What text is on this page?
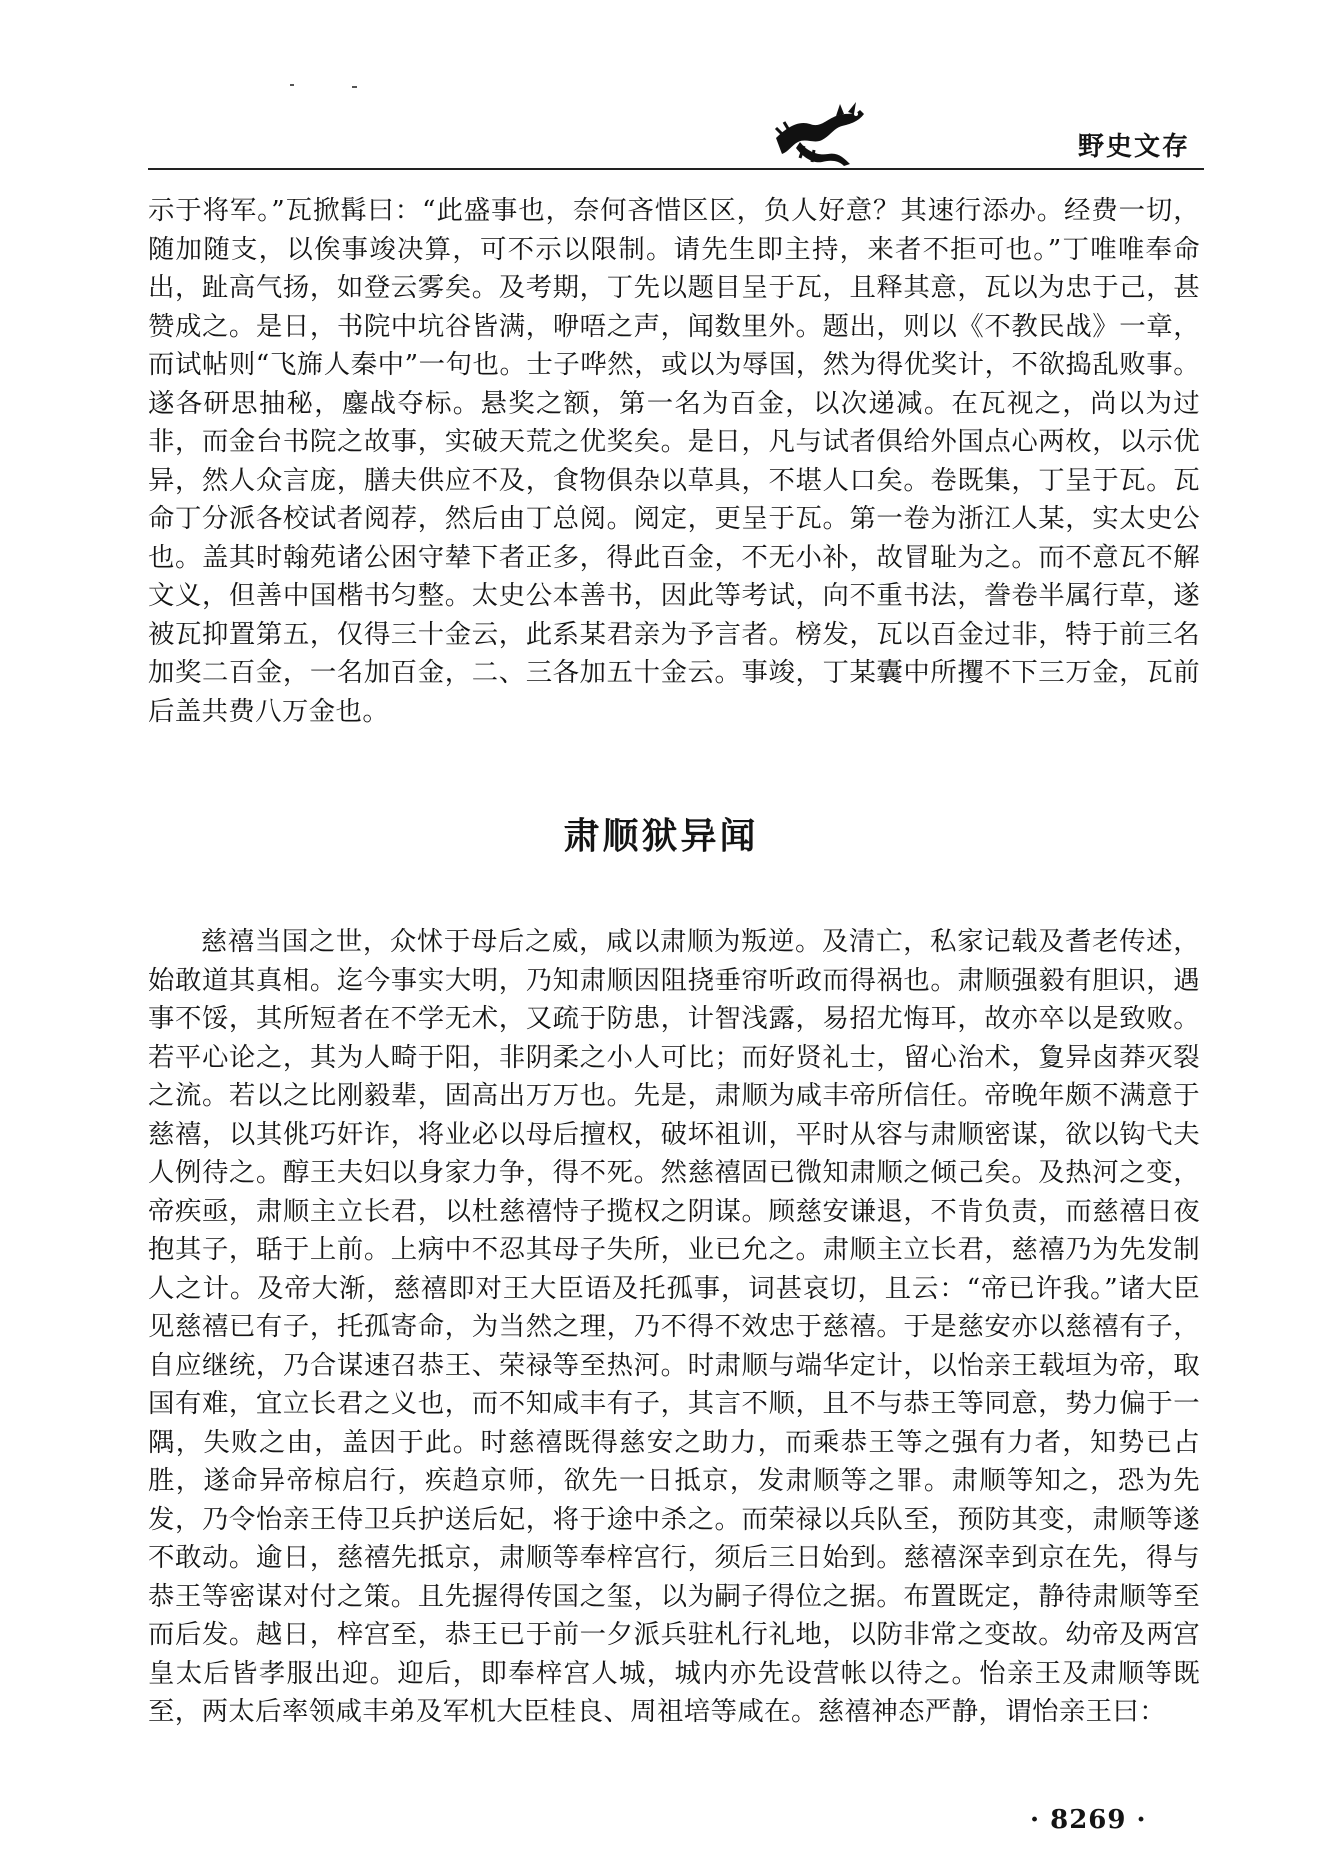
野史文存

示于将军。”瓦掀髯曰：“此盛事也，奈何吝惜区区，负人好意？其速行添办。经费一切，随加随支，以俟事竣决算，可不示以限制。请先生即主持，来者不拒可也。”丁唯唯奉命出，趾高气扬，如登云雾矣。及考期，丁先以题目呈于瓦，且释其意，瓦以为忠于己，甚赞成之。是日，书院中坑谷皆满，咿唔之声，闻数里外。题出，则以《不教民战》一章，而试帖则“飞旆人秦中”一句也。士子哗然，或以为辱国，然为得优奖计，不欲捣乱败事。遂各研思抽秘，鏖战夺标。悬奖之额，第一名为百金，以次递减。在瓦视之，尚以为过非，而金台书院之故事，实破天荒之优奖矣。是日，凡与试者俱给外国点心两枚，以示优异，然人众言庞，膳夫供应不及，食物俱杂以草具，不堪人口矣。卷既集，丁呈于瓦。瓦命丁分派各校试者阅荐，然后由丁总阅。阅定，更呈于瓦。第一卷为浙江人某，实太史公也。盖其时翰苑诸公困守辇下者正多，得此百金，不无小补，故冒耻为之。而不意瓦不解文义，但善中国楷书匀整。太史公本善书，因此等考试，向不重书法，誊卷半属行草，遂被瓦抑置第五，仅得三十金云，此系某君亲为予言者。榜发，瓦以百金过非，特于前三名加奖二百金，一名加百金，二、三各加五十金云。事竣，丁某囊中所攫不下三万金，瓦前后盖共费八万金也。

肃顺狱异闻

慈禧当国之世，众怵于母后之威，咸以肃顺为叛逆。及清亡，私家记载及耆老传述，始敢道其真相。迄今事实大明，乃知肃顺因阻挠垂帘听政而得祸也。肃顺强毅有胆识，遇事不馁，其所短者在不学无术，又疏于防患，计智浅露，易招尤悔耳，故亦卒以是致败。若平心论之，其为人畸于阳，非阴柔之小人可比；而好贤礼士，留心治术，夐异卤莽灭裂之流。若以之比刚毅辈，固高出万万也。先是，肃顺为咸丰帝所信任。帝晚年颇不满意于慈禧，以其佻巧奸诈，将业必以母后擅权，破坏祖训，平时从容与肃顺密谋，欲以钩弋夫人例待之。醇王夫妇以身家力争，得不死。然慈禧固已微知肃顺之倾己矣。及热河之变，帝疾亟，肃顺主立长君，以杜慈禧恃子揽权之阴谋。顾慈安谦退，不肯负责，而慈禧日夜抱其子，聒于上前。上病中不忍其母子失所，业已允之。肃顺主立长君，慈禧乃为先发制人之计。及帝大渐，慈禧即对王大臣语及托孤事，词甚哀切，且云：“帝已许我。”诸大臣见慈禧已有子，托孤寄命，为当然之理，乃不得不效忠于慈禧。于是慈安亦以慈禧有子，自应继统，乃合谋速召恭王、荣禄等至热河。时肃顺与端华定计，以怡亲王载垣为帝，取国有难，宜立长君之义也，而不知咸丰有子，其言不顺，且不与恭王等同意，势力偏于一隅，失败之由，盖因于此。时慈禧既得慈安之助力，而乘恭王等之强有力者，知势已占胜，遂命异帝椋启行，疾趋京师，欲先一日抵京，发肃顺等之罪。肃顺等知之，恐为先发，乃令怡亲王侍卫兵护送后妃，将于途中杀之。而荣禄以兵队至，预防其变，肃顺等遂不敢动。逾日，慈禧先抵京，肃顺等奉梓宫行，须后三日始到。慈禧深幸到京在先，得与恭王等密谋对付之策。且先握得传国之玺，以为嗣子得位之据。布置既定，静待肃顺等至而后发。越日，梓宫至，恭王已于前一夕派兵驻札行礼地，以防非常之变故。幼帝及两宫皇太后皆孝服出迎。迎后，即奉梓宫人城，城内亦先设营帐以待之。怡亲王及肃顺等既至，两太后率领咸丰弟及军机大臣桂良、周祖培等咸在。慈禧神态严静，谓怡亲王曰：

· 8269 ·
